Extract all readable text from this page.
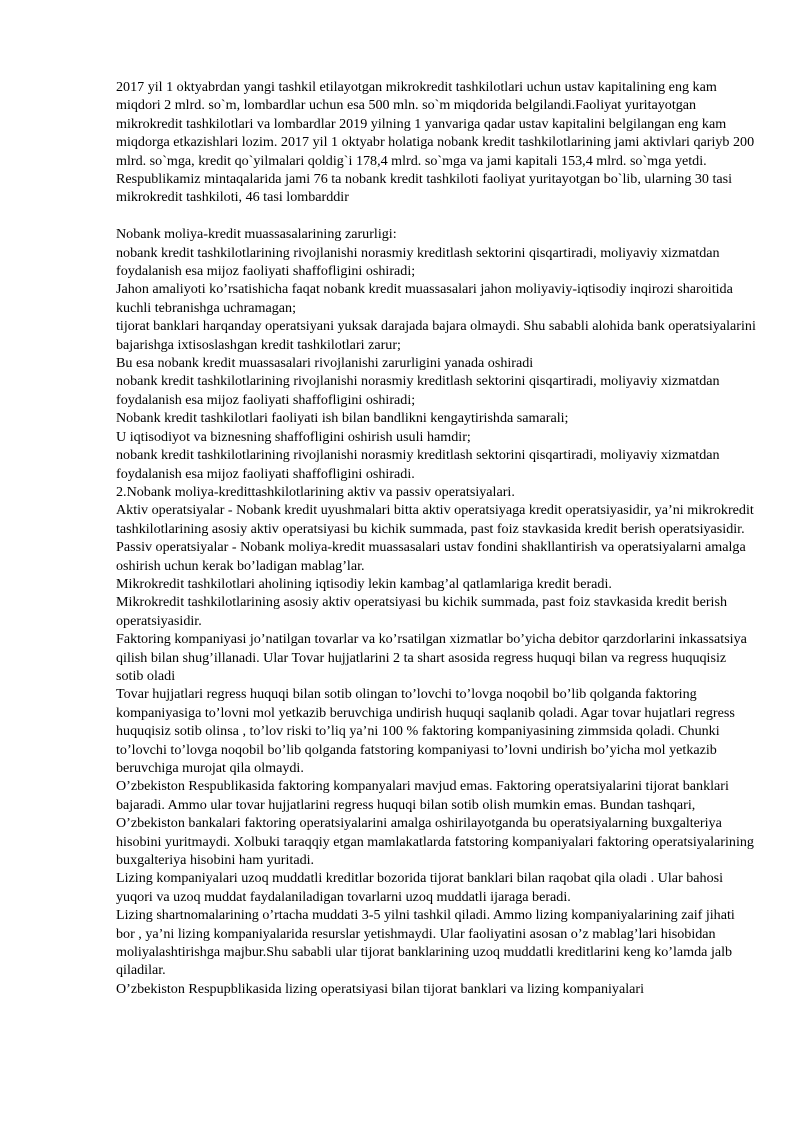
2017 yil 1 oktyabrdan yangi tashkil etilayotgan mikrokredit tashkilotlari uchun ustav kapitalining eng kam miqdori 2 mlrd. so`m, lombardlar uchun esa 500 mln. so`m miqdorida belgilandi.Faoliyat yuritayotgan mikrokredit tashkilotlari va lombardlar 2019 yilning 1 yanvariga qadar ustav kapitalini belgilangan eng kam miqdorga etkazishlari lozim. 2017 yil 1 oktyabr holatiga nobank kredit tashkilotlarining jami aktivlari qariyb 200 mlrd. so`mga, kredit qo`yilmalari qoldig`i 178,4 mlrd. so`mga va jami kapitali 153,4 mlrd. so`mga yetdi. Respublikamiz mintaqalarida jami 76 ta nobank kredit tashkiloti faoliyat yuritayotgan bo`lib, ularning 30 tasi mikrokredit tashkiloti, 46 tasi lombarddir

Nobank moliya-kredit muassasalarining zarurligi:

nobank kredit tashkilotlarining rivojlanishi norasmiy kreditlash sektorini qisqartiradi, moliyaviy xizmatdan foydalanish esa mijoz faoliyati shaffofligini oshiradi;

Jahon amaliyoti ko’rsatishicha faqat nobank kredit muassasalari jahon moliyaviy-iqtisodiy inqirozi sharoitida kuchli tebranishga uchramagan;

tijorat banklari harqanday operatsiyani yuksak darajada bajara olmaydi. Shu sababli alohida bank operatsiyalarini bajarishga ixtisoslashgan kredit tashkilotlari zarur;

Bu esa nobank kredit muassasalari rivojlanishi zarurligini yanada oshiradi

nobank kredit tashkilotlarining rivojlanishi norasmiy kreditlash sektorini qisqartiradi, moliyaviy xizmatdan foydalanish esa mijoz faoliyati shaffofligini oshiradi;

Nobank kredit tashkilotlari faoliyati ish bilan bandlikni kengaytirishda samarali;

U iqtisodiyot va biznesning shaffofligini oshirish usuli hamdir;

nobank kredit tashkilotlarining rivojlanishi norasmiy kreditlash sektorini qisqartiradi, moliyaviy xizmatdan foydalanish esa mijoz faoliyati shaffofligini oshiradi.

2.Nobank moliya-kredittashkilotlarining aktiv va passiv operatsiyalari.

Aktiv operatsiyalar - Nobank kredit uyushmalari bitta aktiv operatsiyaga kredit operatsiyasidir, ya’ni mikrokredit tashkilotlarining asosiy aktiv operatsiyasi bu kichik summada, past foiz stavkasida kredit berish operatsiyasidir.

Passiv operatsiyalar - Nobank moliya-kredit muassasalari ustav fondini shakllantirish va operatsiyalarni amalga oshirish uchun kerak bo’ladigan mablag’lar.

Mikrokredit tashkilotlari aholining iqtisodiy lekin kambag’al qatlamlariga kredit beradi.

Mikrokredit tashkilotlarining asosiy aktiv operatsiyasi bu kichik summada, past foiz stavkasida kredit berish operatsiyasidir.

Faktoring kompaniyasi jo’natilgan tovarlar va ko’rsatilgan xizmatlar bo’yicha debitor qarzdorlarini inkassatsiya qilish bilan shug’illanadi. Ular Tovar hujjatlarini 2 ta shart asosida regress huquqi bilan va regress huquqisiz sotib oladi

Tovar hujjatlari regress huquqi bilan sotib olingan to’lovchi to’lovga noqobil bo’lib qolganda faktoring kompaniyasiga to’lovni mol yetkazib beruvchiga undirish huquqi saqlanib qoladi. Agar tovar hujatlari regress huquqisiz sotib olinsa , to’lov riski to’liq ya’ni 100 % faktoring kompaniyasining zimmsida qoladi. Chunki to’lovchi to’lovga noqobil bo’lib qolganda fatstoring kompaniyasi to’lovni undirish bo’yicha mol yetkazib beruvchiga murojat qila olmaydi.

O’zbekiston Respublikasida faktoring kompanyalari mavjud emas. Faktoring operatsiyalarini tijorat banklari bajaradi. Ammo ular tovar hujjatlarini regress huquqi bilan sotib olish mumkin emas. Bundan tashqari, O’zbekiston bankalari faktoring operatsiyalarini amalga oshirilayotganda bu operatsiyalarning buxgalteriya hisobini yuritmaydi. Xolbuki taraqqiy etgan mamlakatlarda fatstoring kompaniyalari faktoring operatsiyalarining buxgalteriya hisobini ham yuritadi.

Lizing kompaniyalari uzoq muddatli kreditlar bozorida tijorat banklari bilan raqobat qila oladi . Ular bahosi yuqori va uzoq muddat faydalaniladigan tovarlarni uzoq muddatli ijaraga beradi.

Lizing shartnomalarining o’rtacha muddati 3-5 yilni tashkil qiladi. Ammo lizing kompaniyalarining zaif jihati bor , ya’ni lizing kompaniyalarida resurslar yetishmaydi. Ular faoliyatini asosan o’z mablag’lari hisobidan moliyalashtirishga majbur.Shu sababli ular tijorat banklarining uzoq muddatli kreditlarini keng ko’lamda jalb qiladilar.

O’zbekiston Respupblikasida lizing operatsiyasi bilan tijorat banklari va lizing kompaniyalari
